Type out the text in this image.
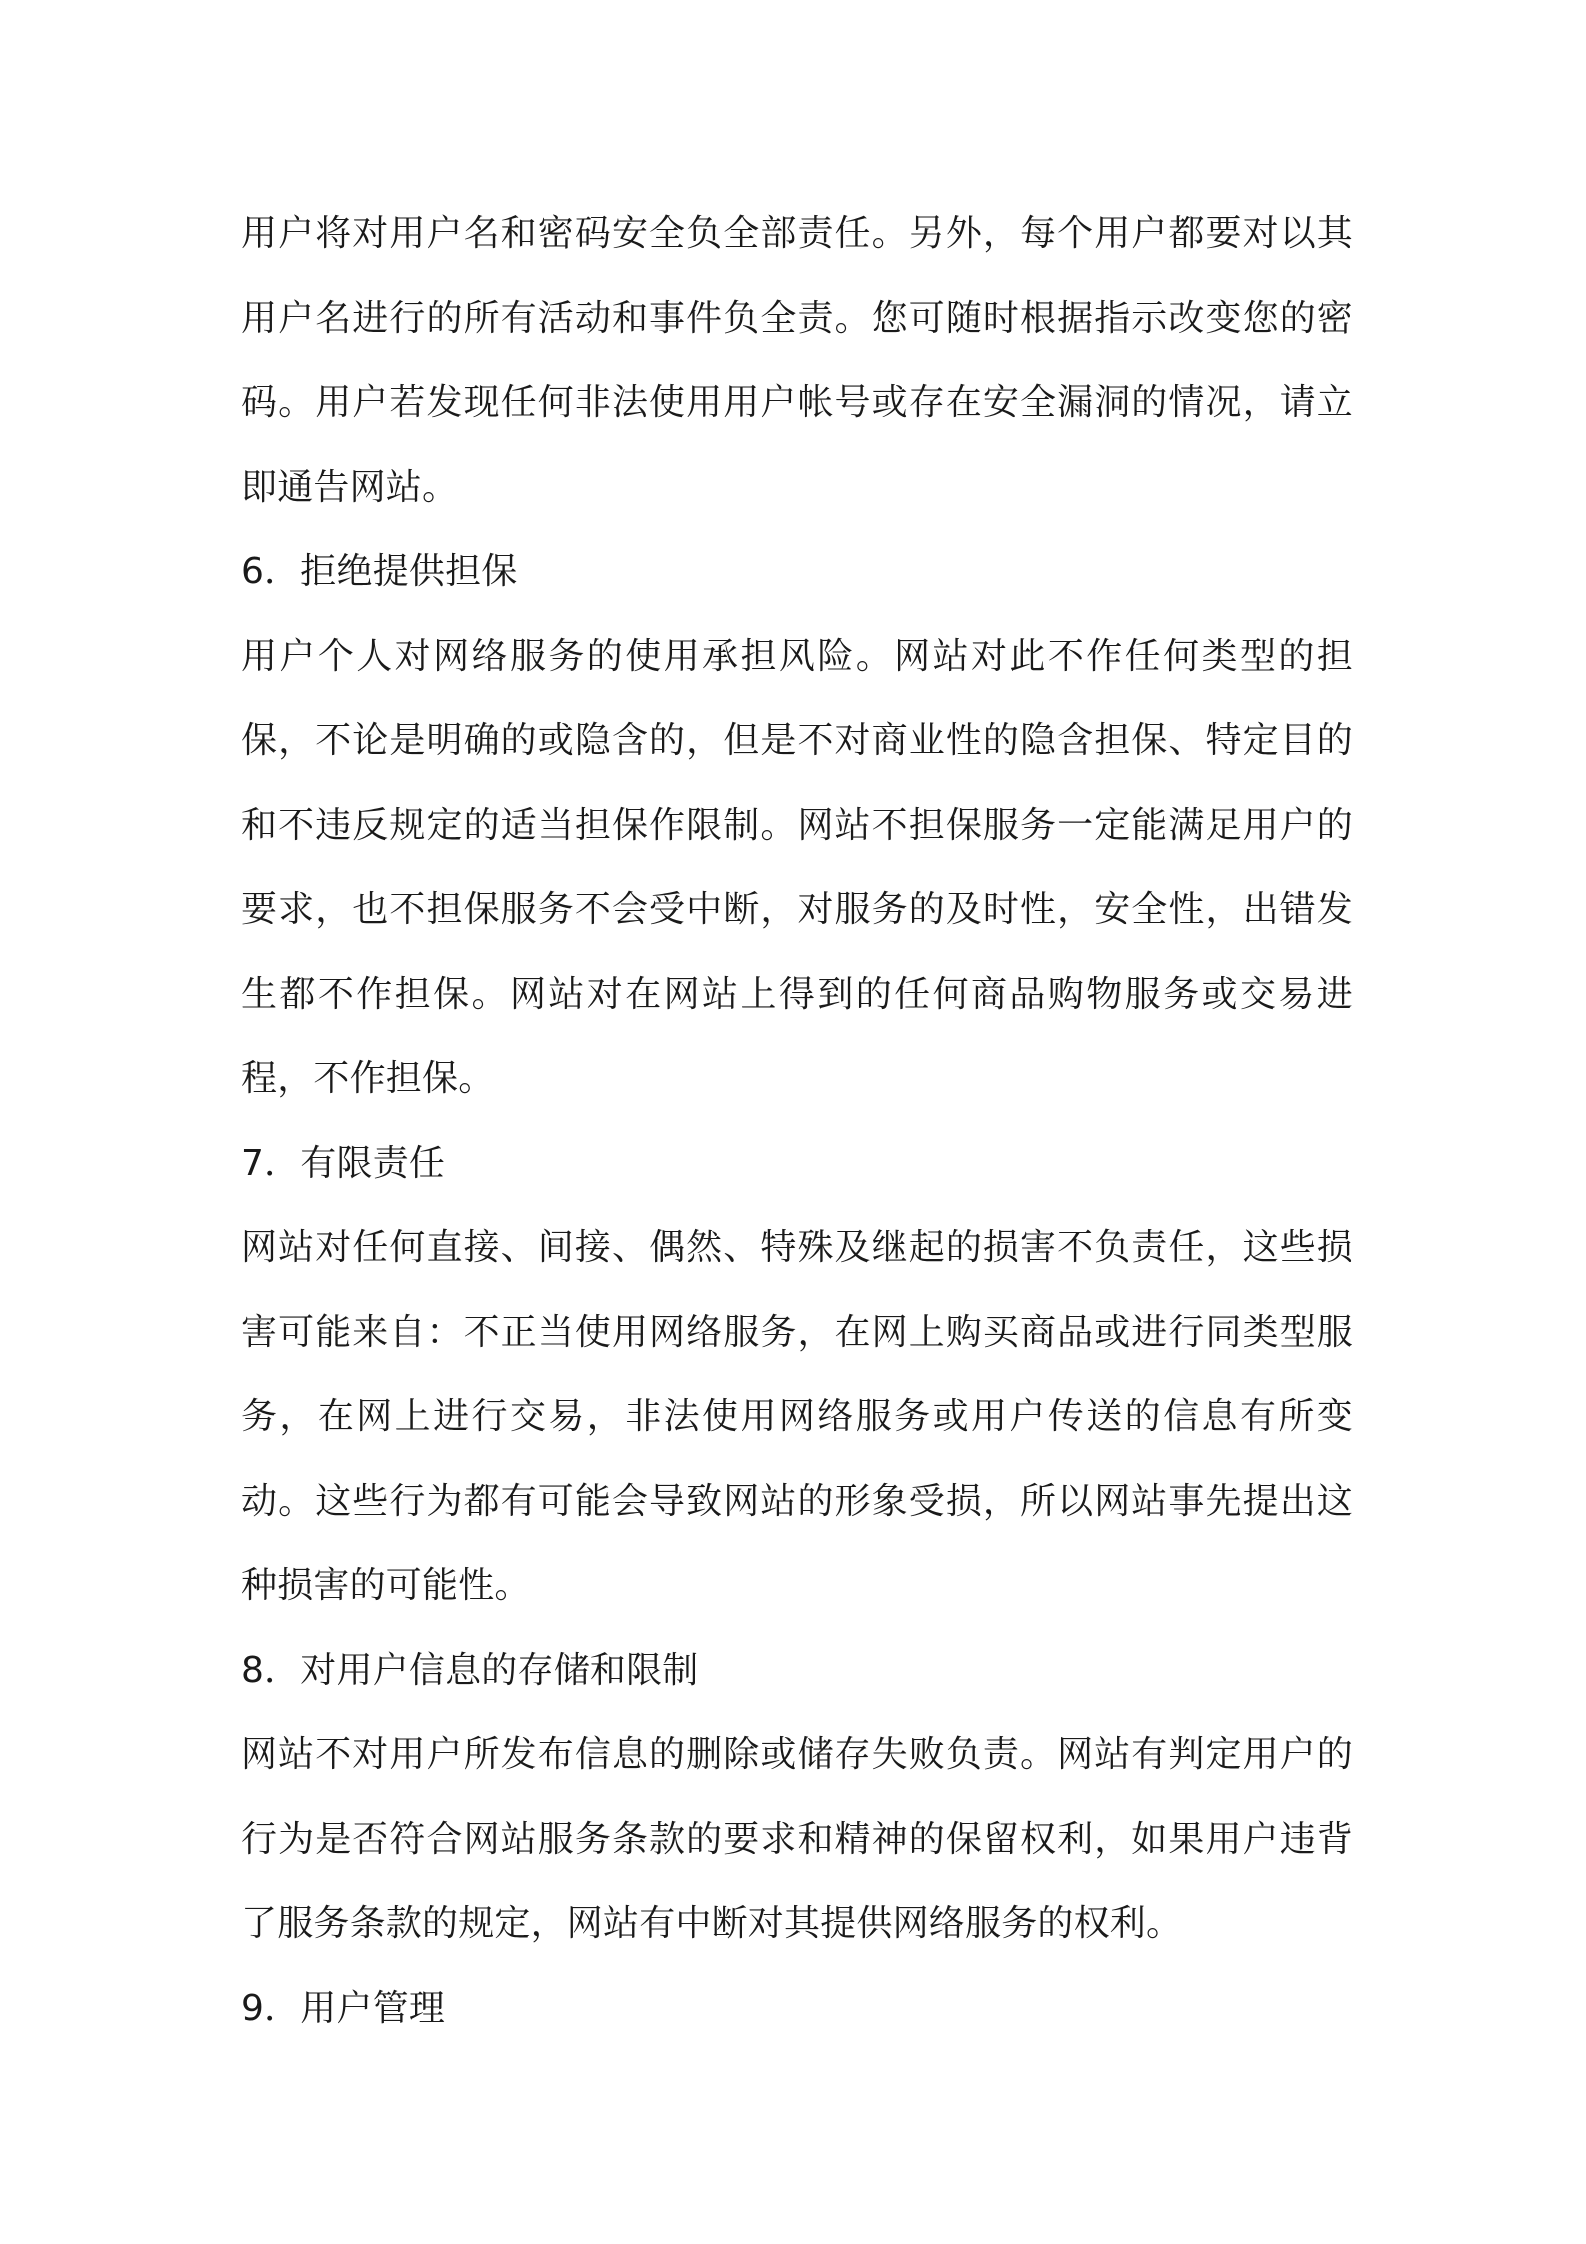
用户将对用户名和密码安全负全部责任。另外，每个用户都要对以其用户名进行的所有活动和事件负全责。您可随时根据指示改变您的密码。用户若发现任何非法使用用户帐号或存在安全漏洞的情况，请立即通告网站。

6．拒绝提供担保

用户个人对网络服务的使用承担风险。网站对此不作任何类型的担保，不论是明确的或隐含的，但是不对商业性的隐含担保、特定目的和不违反规定的适当担保作限制。网站不担保服务一定能满足用户的要求，也不担保服务不会受中断，对服务的及时性，安全性，出错发生都不作担保。网站对在网站上得到的任何商品购物服务或交易进程，不作担保。

7．有限责任

网站对任何直接、间接、偶然、特殊及继起的损害不负责任，这些损害可能来自：不正当使用网络服务，在网上购买商品或进行同类型服务，在网上进行交易，非法使用网络服务或用户传送的信息有所变动。这些行为都有可能会导致网站的形象受损，所以网站事先提出这种损害的可能性。

8．对用户信息的存储和限制

网站不对用户所发布信息的删除或储存失败负责。网站有判定用户的行为是否符合网站服务条款的要求和精神的保留权利，如果用户违背了服务条款的规定，网站有中断对其提供网络服务的权利。

9．用户管理
